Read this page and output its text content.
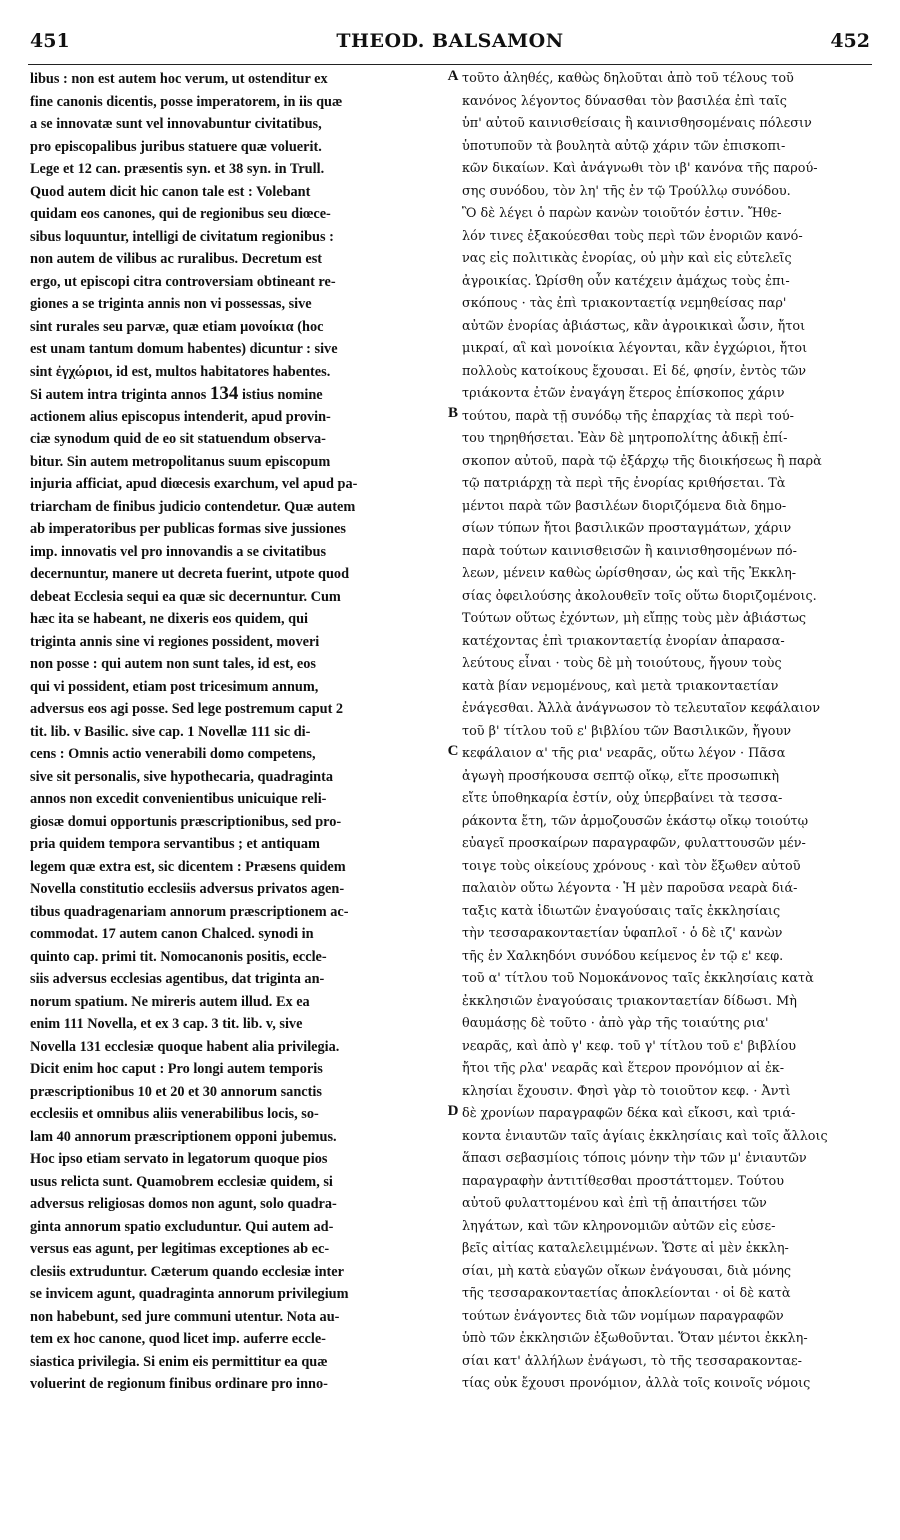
451	THEOD. BALSAMON	452
libus : non est autem hoc verum, ut ostenditur ex
fine canonis dicentis, posse imperatorem, in iis quæ
a se innovatæ sunt vel innovabuntur civitatibus,
pro episcopalibus juribus statuere quæ voluerit.
Lege et 12 can. præsentis syn. et 38 syn. in Trull.
Quod autem dicit hic canon tale est : Volebant
quidam eos canones, qui de regionibus seu diœce-
sibus loquuntur, intelligi de civitatum regionibus :
non autem de vilibus ac ruralibus. Decretum est
ergo, ut episcopi citra controversiam obtineant re-
giones a se triginta annis non vi possessas, sive
sint rurales seu parvæ, quæ etiam μονοίκια (hoc
est unam tantum domum habentes) dicuntur : sive
sint ἐγχώριοι, id est, multos habitatores habentes.
Si autem intra triginta annos 134 istius nomine
actionem alius episcopus intenderit, apud provin-
ciæ synodum quid de eo sit statuendum observa-
bitur. Sin autem metropolitanus suum episcopum
injuria afficiat, apud diœcesis exarchum, vel apud pa-
triarcham de finibus judicio contendetur. Quæ autem
ab imperatoribus per publicas formas sive jussiones
imp. innovatis vel pro innovandis a se civitatibus
decernuntur, manere ut decreta fuerint, utpote quod
debeat Ecclesia sequi ea quæ sic decernuntur. Cum
hæc ita se habeant, ne dixeris eos quidem, qui
triginta annis sine vi regiones possident, moveri
non posse : qui autem non sunt tales, id est, eos
qui vi possident, etiam post tricesimum annum,
adversus eos agi posse. Sed lege postremum caput 2
tit. lib. v Basilic. sive cap. 1 Novellæ 111 sic di-
cens : Omnis actio venerabili domo competens,
sive sit personalis, sive hypothecaria, quadraginta
annos non excedit convenientibus unicuique reli-
giosæ domui opportunis præscriptionibus, sed pro-
pria quidem tempora servantibus ; et antiquam
legem quæ extra est, sic dicentem : Præsens quidem
Novella constitutio ecclesiis adversus privatos agen-
tibus quadragenariam annorum præscriptionem ac-
commodat. 17 autem canon Chalced. synodi in
quinto cap. primi tit. Nomocanonis positis, eccle-
siis adversus ecclesias agentibus, dat triginta an-
norum spatium. Ne mireris autem illud. Ex ea
enim 111 Novella, et ex 3 cap. 3 tit. lib. v, sive
Novella 131 ecclesiæ quoque habent alia privilegia.
Dicit enim hoc caput : Pro longi autem temporis
præscriptionibus 10 et 20 et 30 annorum sanctis
ecclesiis et omnibus aliis venerabilibus locis, so-
lam 40 annorum præscriptionem opponi jubemus.
Hoc ipso etiam servato in legatorum quoque pios
usus relicta sunt. Quamobrem ecclesiæ quidem, si
adversus religiosas domos non agunt, solo quadra-
ginta annorum spatio excluduntur. Qui autem ad-
versus eas agunt, per legitimas exceptiones ab ec-
clesiis extruduntur. Cæterum quando ecclesiæ inter
se invicem agunt, quadraginta annorum privilegium
non habebunt, sed jure communi utentur. Nota au-
tem ex hoc canone, quod licet imp. auferre eccle-
siastica privilegia. Si enim eis permittitur ea quæ
voluerint de regionum finibus ordinare pro inno-
τοῦτο ἀληθές, καθὼς δηλοῦται ἀπὸ τοῦ τέλους τοῦ
κανόνος λέγοντος δύνασθαι τὸν βασιλέα ἐπὶ ταῖς
ὑπ' αὐτοῦ καινισθείσαις ἢ καινισθησομέναις πόλεσιν
ὑποτυποῦν τὰ βουλητὰ αὐτῷ χάριν τῶν ἐπισκοπι-
κῶν δικαίων. Καὶ ἀνάγνωθι τὸν ιβ' κανόνα τῆς παρού-
σης συνόδου, τὸν λη' τῆς ἐν τῷ Τρούλλῳ συνόδου.
Ὃ δὲ λέγει ὁ παρὼν κανὼν τοιοῦτόν ἐστιν. Ἤθε-
λόν τινες ἐξακούεσθαι τοὺς περὶ τῶν ἐνοριῶν κανό-
νας εἰς πολιτικὰς ἐνορίας, οὐ μὴν καὶ εἰς εὐτελεῖς
ἀγροικίας. Ὡρίσθη οὖν κατέχειν ἀμάχως τοὺς ἐπι-
σκόπους · τὰς ἐπὶ τριακονταετίᾳ νεμηθείσας παρ'
αὐτῶν ἐνορίας ἀβιάστως, κἂν ἀγροικικαὶ ὦσιν, ἤτοι
μικραί, αἳ καὶ μονοίκια λέγονται, κἂν ἐγχώριοι, ἤτοι
πολλοὺς κατοίκους ἔχουσαι. Εἰ δέ, φησίν, ἐντὸς τῶν
τριάκοντα ἐτῶν ἐναγάγη ἕτερος ἐπίσκοπος χάριν
τούτου, παρὰ τῇ συνόδῳ τῆς ἐπαρχίας τὰ περὶ τού-
του τηρηθήσεται. Ἐὰν δὲ μητροπολίτης ἀδικῇ ἐπί-
σκοπον αὐτοῦ, παρὰ τῷ ἐξάρχῳ τῆς διοικήσεως ἢ παρὰ
τῷ πατριάρχῃ τὰ περὶ τῆς ἐνορίας κριθήσεται. Τὰ
μέντοι παρὰ τῶν βασιλέων διοριζόμενα διὰ δημο-
σίων τύπων ἤτοι βασιλικῶν προσταγμάτων, χάριν
παρὰ τούτων καινισθεισῶν ἢ καινισθησομένων πό-
λεων, μένειν καθὼς ὡρίσθησαν, ὡς καὶ τῆς Ἐκκλη-
σίας ὀφειλούσης ἀκολουθεῖν τοῖς οὕτω διοριζομένοις.
Τούτων οὕτως ἐχόντων, μὴ εἴπῃς τοὺς μὲν ἀβιάστως
κατέχοντας ἐπὶ τριακονταετίᾳ ἐνορίαν ἀπαρασα-
λεύτους εἶναι · τοὺς δὲ μὴ τοιούτους, ἤγουν τοὺς
κατὰ βίαν νεμομένους, καὶ μετὰ τριακονταετίαν
ἐνάγεσθαι. Ἀλλὰ ἀνάγνωσον τὸ τελευταῖον κεφάλαιον
τοῦ β' τίτλου τοῦ ε' βιβλίου τῶν Βασιλικῶν, ἤγουν
κεφάλαιον α' τῆς ρια' νεαρᾶς, οὕτω λέγον · Πᾶσα
ἀγωγὴ προσήκουσα σεπτῷ οἴκῳ, εἴτε προσωπικὴ
εἴτε ὑποθηκαρία ἐστίν, οὐχ ὑπερβαίνει τὰ τεσσα-
ράκοντα ἔτη, τῶν ἁρμοζουσῶν ἑκάστῳ οἴκῳ τοιούτῳ
εὐαγεῖ προσκαίρων παραγραφῶν, φυλαττουσῶν μέν-
τοιγε τοὺς οἰκείους χρόνους · καὶ τὸν ἔξωθεν αὐτοῦ
παλαιὸν οὕτω λέγοντα · Ἡ μὲν παροῦσα νεαρὰ διά-
ταξις κατὰ ἰδιωτῶν ἐναγούσαις ταῖς ἐκκλησίαις
τὴν τεσσαρακονταετίαν ὑφαπλοῖ · ὁ δὲ ιζ' κανὼν
τῆς ἐν Χαλκηδόνι συνόδου κείμενος ἐν τῷ ε' κεφ.
τοῦ α' τίτλου τοῦ Νομοκάνονος ταῖς ἐκκλησίαις κατὰ
ἐκκλησιῶν ἐναγούσαις τριακονταετίαν δίδωσι. Μὴ
θαυμάσῃς δὲ τοῦτο · ἀπὸ γὰρ τῆς τοιαύτης ρια'
νεαρᾶς, καὶ ἀπὸ γ' κεφ. τοῦ γ' τίτλου τοῦ ε' βιβλίου
ἤτοι τῆς ρλα' νεαρᾶς καὶ ἕτερον προνόμιον αἱ ἐκ-
κλησίαι ἔχουσιν. Φησὶ γὰρ τὸ τοιοῦτον κεφ. · Ἀντὶ
δὲ χρονίων παραγραφῶν δέκα καὶ εἴκοσι, καὶ τριά-
κοντα ἐνιαυτῶν ταῖς ἁγίαις ἐκκλησίαις καὶ τοῖς ἄλλοις
ἅπασι σεβασμίοις τόποις μόνην τὴν τῶν μ' ἐνιαυτῶν
παραγραφὴν ἀντιτίθεσθαι προστάττομεν. Τούτου
αὐτοῦ φυλαττομένου καὶ ἐπὶ τῇ ἀπαιτήσει τῶν
ληγάτων, καὶ τῶν κληρονομιῶν αὐτῶν εἰς εὐσε-
βεῖς αἰτίας καταλελειμμένων. Ὥστε αἱ μὲν ἐκκλη-
σίαι, μὴ κατὰ εὐαγῶν οἴκων ἐνάγουσαι, διὰ μόνης
τῆς τεσσαρακονταετίας ἀποκλείονται · οἱ δὲ κατὰ
τούτων ἐνάγοντες διὰ τῶν νομίμων παραγραφῶν
ὑπὸ τῶν ἐκκλησιῶν ἐξωθοῦνται. Ὅταν μέντοι ἐκκλη-
σίαι κατ' ἀλλήλων ἐνάγωσι, τὸ τῆς τεσσαρακονταε-
τίας οὐκ ἔχουσι προνόμιον, ἀλλὰ τοῖς κοινοῖς νόμοις
A
B
C
D
